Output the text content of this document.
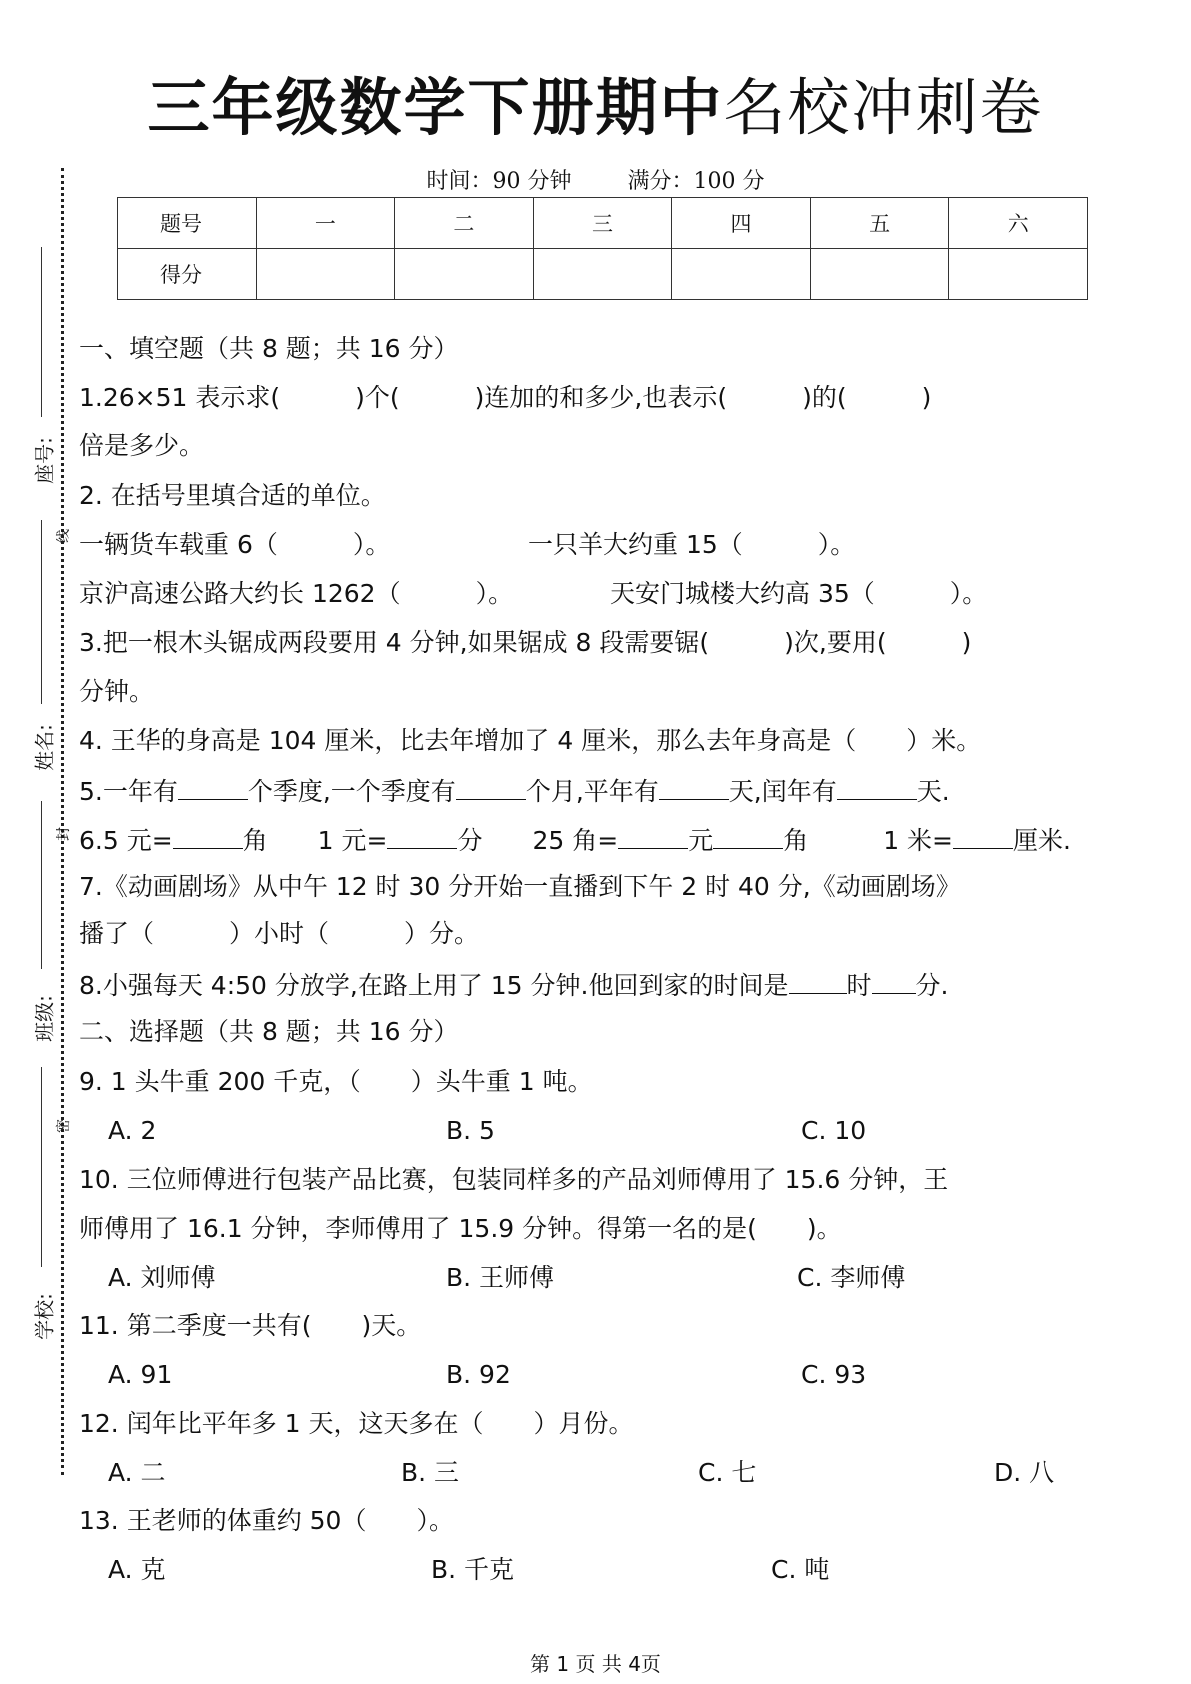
三年级数学下册期中名校冲刺卷
时间：90 分钟	满分：100 分
题号	一	二	三	四	五	六
得分						
座号:
姓名:
班级:
学校:
线
封
密
一、填空题（共 8 题；共 16 分）
1.26×51 表示求(　　　)个(　　　)连加的和多少,也表示(　　　)的(　　　)
倍是多少。
2. 在括号里填合适的单位。
一辆货车载重 6（　　　）。	一只羊大约重 15（　　　）。
京沪高速公路大约长 1262（　　　）。	天安门城楼大约高 35（　　　）。
3.把一根木头锯成两段要用 4 分钟,如果锯成 8 段需要锯(　　　)次,要用(　　　)
分钟。
4. 王华的身高是 104 厘米，比去年增加了 4 厘米，那么去年身高是（　　）米。
5.一年有	个季度,一个季度有	个月,平年有	天,闰年有	天.
6.5 元=	角　　1 元=	分　　25 角=	元	角　　　1 米= 厘米.
7.《动画剧场》从中午 12 时 30 分开始一直播到下午 2 时 40 分,《动画剧场》
播了（　　　）小时（　　　）分。
8.小强每天 4:50 分放学,在路上用了 15 分钟.他回到家的时间是 时 分.
二、选择题（共 8 题；共 16 分）
9. 1 头牛重 200 千克，（　　）头牛重 1 吨。
A. 2	B. 5	C. 10
10. 三位师傅进行包装产品比赛，包装同样多的产品刘师傅用了 15.6 分钟，王
师傅用了 16.1 分钟，李师傅用了 15.9 分钟。得第一名的是(　　)。
A. 刘师傅	B. 王师傅	C. 李师傅
11. 第二季度一共有(　　)天。
A. 91	B. 92	C. 93
12. 闰年比平年多 1 天，这天多在（　　）月份。
A. 二	B. 三	C. 七	D. 八
13. 王老师的体重约 50（　　）。
A. 克	B. 千克	C. 吨
第 1 页 共 4页
